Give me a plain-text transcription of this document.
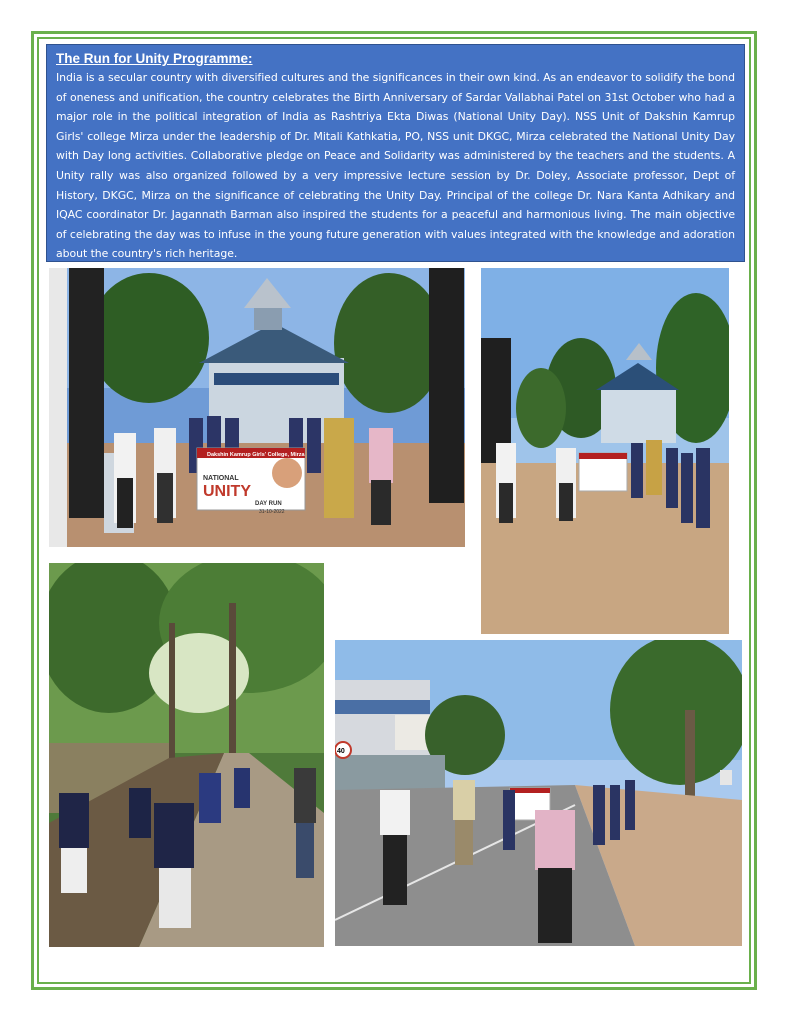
The Run for Unity Programme:

India is a secular country with diversified cultures and the significances in their own kind. As an endeavor to solidify the bond of oneness and unification, the country celebrates the Birth Anniversary of Sardar Vallabhai Patel on 31st October who had a major role in the political integration of India as Rashtriya Ekta Diwas (National Unity Day). NSS Unit of Dakshin Kamrup Girls' college Mirza under the leadership of Dr. Mitali Kathkatia, PO, NSS unit DKGC, Mirza celebrated the National Unity Day with Day long activities. Collaborative pledge on Peace and Solidarity was administered by the teachers and the students. A Unity rally was also organized followed by a very impressive lecture session by Dr. Doley, Associate professor, Dept of History, DKGC, Mirza on the significance of celebrating the Unity Day. Principal of the college Dr. Nara Kanta Adhikary and IQAC coordinator Dr. Jagannath Barman also inspired the students for a peaceful and harmonious living. The main objective of celebrating the day was to infuse in the young future generation with values integrated with the knowledge and adoration about the country's rich heritage.

Dakshin Kamrup Girls' College, Mirza
NATIONAL
UNITY
DAY RUN
31-10-2022
40
